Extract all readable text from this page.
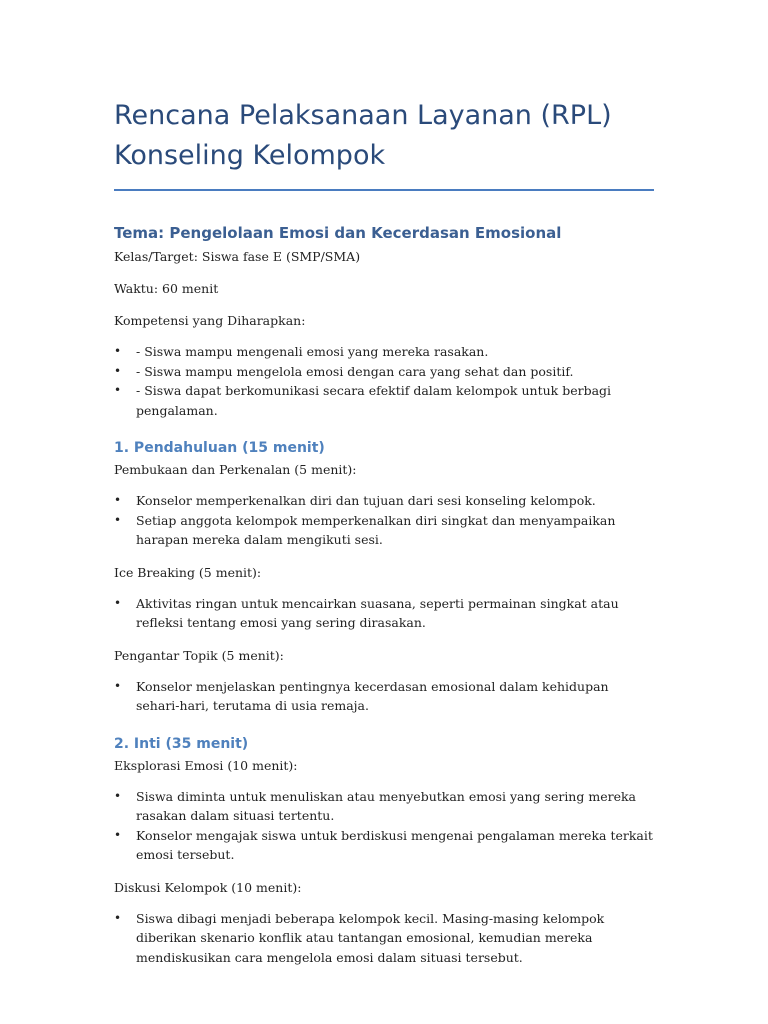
Rencana Pelaksanaan Layanan (RPL)
Konseling Kelompok
Tema: Pengelolaan Emosi dan Kecerdasan Emosional

Kelas/Target: Siswa fase E (SMP/SMA)

Waktu: 60 menit

Kompetensi yang Diharapkan:

• - Siswa mampu mengenali emosi yang mereka rasakan.
• - Siswa mampu mengelola emosi dengan cara yang sehat dan positif.
• - Siswa dapat berkomunikasi secara efektif dalam kelompok untuk berbagi pengalaman.
1. Pendahuluan (15 menit)

Pembukaan dan Perkenalan (5 menit):

• Konselor memperkenalkan diri dan tujuan dari sesi konseling kelompok.
• Setiap anggota kelompok memperkenalkan diri singkat dan menyampaikan harapan mereka dalam mengikuti sesi.

Ice Breaking (5 menit):

• Aktivitas ringan untuk mencairkan suasana, seperti permainan singkat atau refleksi tentang emosi yang sering dirasakan.

Pengantar Topik (5 menit):

• Konselor menjelaskan pentingnya kecerdasan emosional dalam kehidupan sehari-hari, terutama di usia remaja.
2. Inti (35 menit)

Eksplorasi Emosi (10 menit):

• Siswa diminta untuk menuliskan atau menyebutkan emosi yang sering mereka rasakan dalam situasi tertentu.
• Konselor mengajak siswa untuk berdiskusi mengenai pengalaman mereka terkait emosi tersebut.

Diskusi Kelompok (10 menit):

• Siswa dibagi menjadi beberapa kelompok kecil. Masing-masing kelompok diberikan skenario konflik atau tantangan emosional, kemudian mereka mendiskusikan cara mengelola emosi dalam situasi tersebut.
